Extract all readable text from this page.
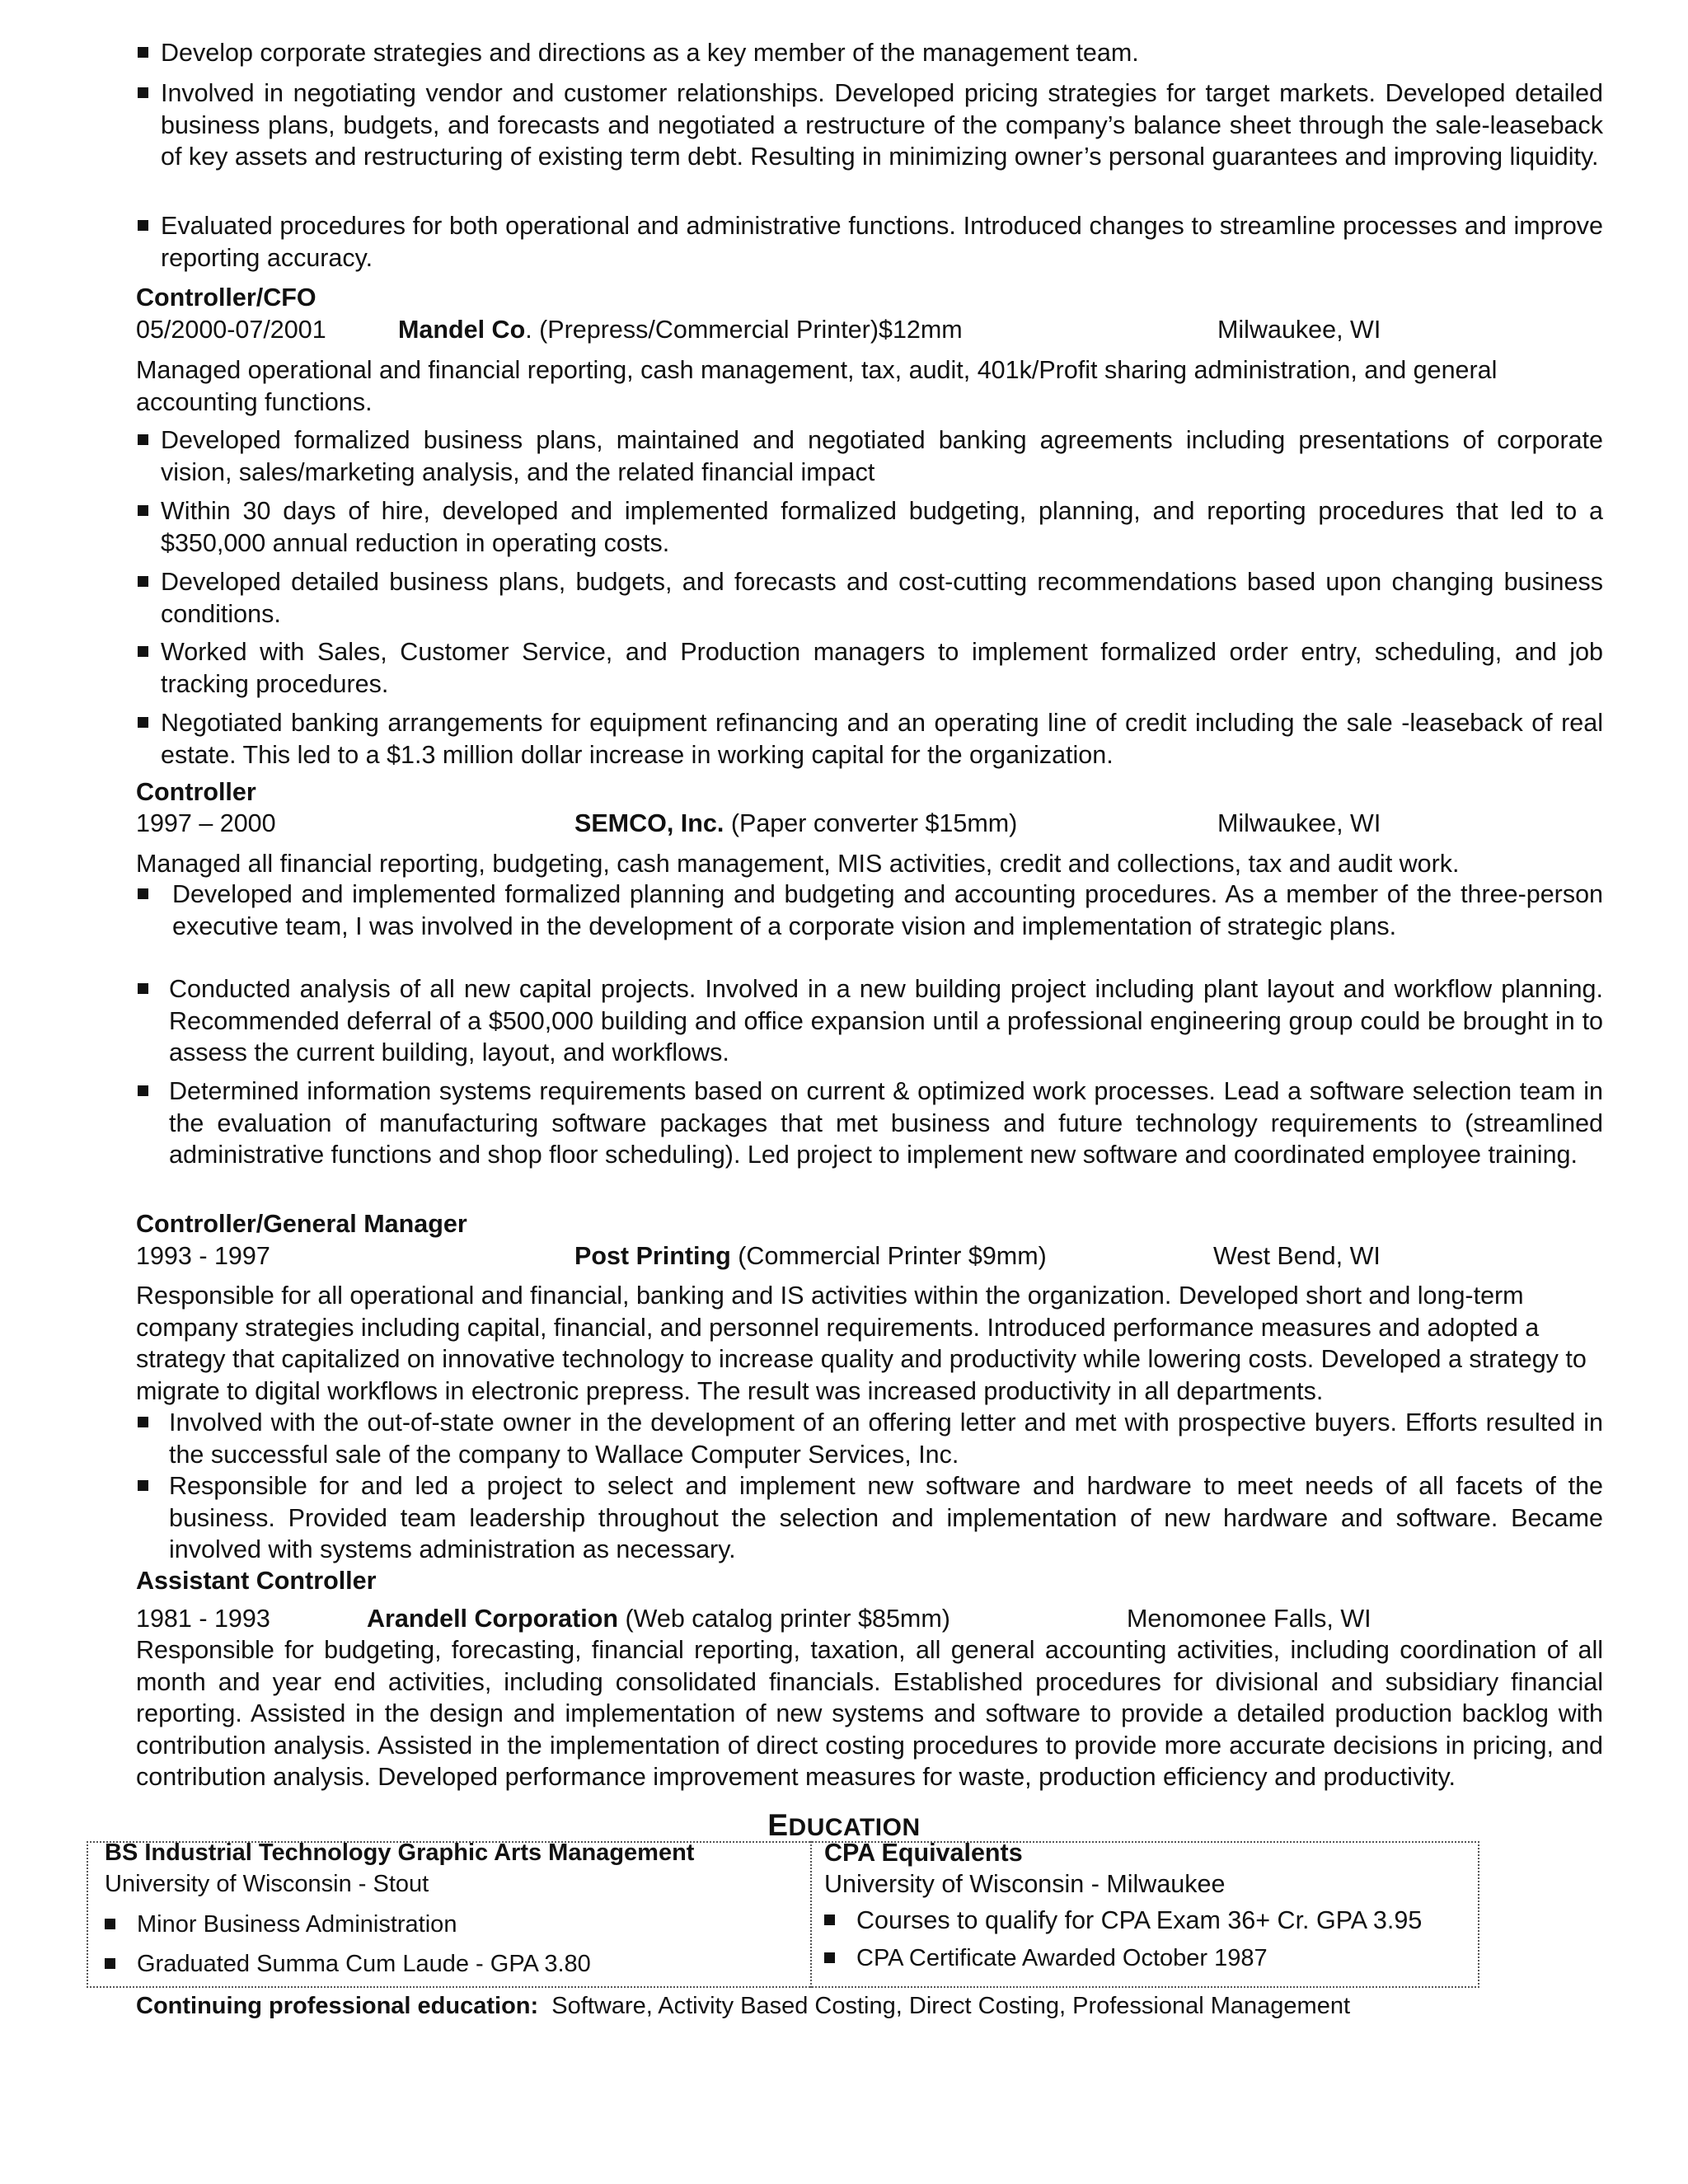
Develop corporate strategies and directions as a key member of the management team.
Involved in negotiating vendor and customer relationships. Developed pricing strategies for target markets. Developed detailed business plans, budgets, and forecasts and negotiated a restructure of the company’s balance sheet through the sale-leaseback of key assets and restructuring of existing term debt. Resulting in minimizing owner’s personal guarantees and improving liquidity.
Evaluated procedures for both operational and administrative functions. Introduced changes to streamline processes and improve reporting accuracy.
Controller/CFO
05/2000-07/2001	Mandel Co. (Prepress/Commercial Printer)$12mm	Milwaukee, WI
Managed operational and financial reporting, cash management, tax, audit, 401k/Profit sharing administration, and general accounting functions.
Developed formalized business plans, maintained and negotiated banking agreements including presentations of corporate vision, sales/marketing analysis, and the related financial impact
Within 30 days of hire, developed and implemented formalized budgeting, planning, and reporting procedures that led to a $350,000 annual reduction in operating costs.
Developed detailed business plans, budgets, and forecasts and cost-cutting recommendations based upon changing business conditions.
Worked with Sales, Customer Service, and Production managers to implement formalized order entry, scheduling, and job tracking procedures.
Negotiated banking arrangements for equipment refinancing and an operating line of credit including the sale -leaseback of real estate. This led to a $1.3 million dollar increase in working capital for the organization.
Controller
1997 – 2000	SEMCO, Inc. (Paper converter $15mm)	Milwaukee, WI
Managed all financial reporting, budgeting, cash management, MIS activities, credit and collections, tax and audit work.
Developed and implemented formalized planning and budgeting and accounting procedures. As a member of the three-person executive team, I was involved in the development of a corporate vision and implementation of strategic plans.
Conducted analysis of all new capital projects. Involved in a new building project including plant layout and workflow planning. Recommended deferral of a $500,000 building and office expansion until a professional engineering group could be brought in to assess the current building, layout, and workflows.
Determined information systems requirements based on current & optimized work processes. Lead a software selection team in the evaluation of manufacturing software packages that met business and future technology requirements to (streamlined administrative functions and shop floor scheduling). Led project to implement new software and coordinated employee training.
Controller/General Manager
1993 - 1997	Post Printing (Commercial Printer $9mm)	West Bend, WI
Responsible for all operational and financial, banking and IS activities within the organization. Developed short and long-term company strategies including capital, financial, and personnel requirements. Introduced performance measures and adopted a strategy that capitalized on innovative technology to increase quality and productivity while lowering costs. Developed a strategy to migrate to digital workflows in electronic prepress. The result was increased productivity in all departments.
Involved with the out-of-state owner in the development of an offering letter and met with prospective buyers. Efforts resulted in the successful sale of the company to Wallace Computer Services, Inc.
Responsible for and led a project to select and implement new software and hardware to meet needs of all facets of the business. Provided team leadership throughout the selection and implementation of new hardware and software. Became involved with systems administration as necessary.
Assistant Controller
1981 - 1993	Arandell Corporation (Web catalog printer $85mm)	Menomonee Falls, WI
Responsible for budgeting, forecasting, financial reporting, taxation, all general accounting activities, including coordination of all month and year end activities, including consolidated financials. Established procedures for divisional and subsidiary financial reporting. Assisted in the design and implementation of new systems and software to provide a detailed production backlog with contribution analysis. Assisted in the implementation of direct costing procedures to provide more accurate decisions in pricing, and contribution analysis. Developed performance improvement measures for waste, production efficiency and productivity.
EDUCATION
BS Industrial Technology Graphic Arts Management
University of Wisconsin - Stout
Minor Business Administration
Graduated Summa Cum Laude - GPA 3.80
CPA Equivalents
University of Wisconsin - Milwaukee
Courses to qualify for CPA Exam 36+ Cr. GPA 3.95
CPA Certificate Awarded October 1987
Continuing professional education:  Software, Activity Based Costing, Direct Costing, Professional Management
